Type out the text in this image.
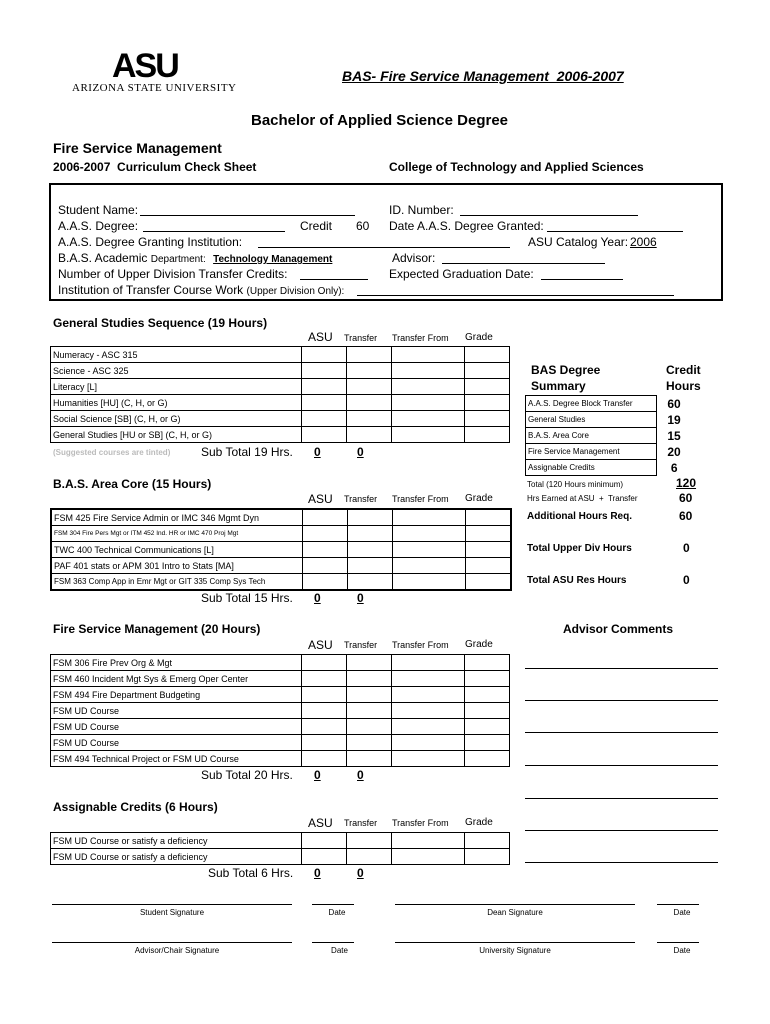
ASU
ARIZONA STATE UNIVERSITY
BAS- Fire Service Management  2006-2007
Bachelor of Applied Science Degree
Fire Service Management
2006-2007  Curriculum Check Sheet	College of Technology and Applied Sciences
Student Name:
A.A.S. Degree:	Credit 60
A.A.S. Degree Granting Institution:
B.A.S. Academic Department: Technology Management
Number of Upper Division Transfer Credits:
Institution of Transfer Course Work (Upper Division Only):
ID. Number:
Date A.A.S. Degree Granted:
ASU Catalog Year: 2006
Advisor:
Expected Graduation Date:
General Studies Sequence (19 Hours)
ASU Transfer Transfer From Grade
Numeracy - ASC 315				
Science - ASC 325				
Literacy [L]				
Humanities [HU] (C, H, or G)				
Social Science [SB] (C, H, or G)				
General Studies [HU or SB] (C, H, or G)				
(Suggested courses are tinted)	Sub Total 19 Hrs. 0	0
B.A.S. Area Core (15 Hours)
ASU Transfer Transfer From Grade
FSM 425 Fire Service Admin or IMC 346 Mgmt Dyn				
FSM 304 Fire Pers Mgt or ITM 452 Ind. HR or IMC 470 Proj Mgt				
TWC 400 Technical Communications [L]				
PAF 401 stats or APM 301 Intro to Stats [MA]				
FSM 363 Comp App in Emr Mgt or GIT 335 Comp Sys Tech				
Sub Total 15 Hrs. 0	0
Fire Service Management (20 Hours)
ASU Transfer Transfer From Grade
FSM 306 Fire Prev Org & Mgt				
FSM 460 Incident Mgt Sys & Emerg Oper Center				
FSM 494 Fire Department Budgeting				
FSM UD Course				
FSM UD Course				
FSM UD Course				
FSM 494 Technical Project or FSM UD Course				
Sub Total 20 Hrs. 0	0
Assignable Credits (6 Hours)
ASU Transfer Transfer From Grade
FSM UD Course or satisfy a deficiency				
FSM UD Course or satisfy a deficiency				
Sub Total 6 Hrs. 0	0
BAS Degree
Summary
Credit
Hours
A.A.S. Degree Block Transfer	60
General Studies	19
B.A.S. Area Core	15
Fire Service Management	20
Assignable Credits	6
Total (120 Hours minimum)	120
Hrs Earned at ASU  +  Transfer	60
Additional Hours Req.	60
Total Upper Div Hours	0
Total ASU Res Hours	0
Advisor Comments
Student Signature	Date	Dean Signature	Date
Advisor/Chair Signature	Date	University Signature	Date
